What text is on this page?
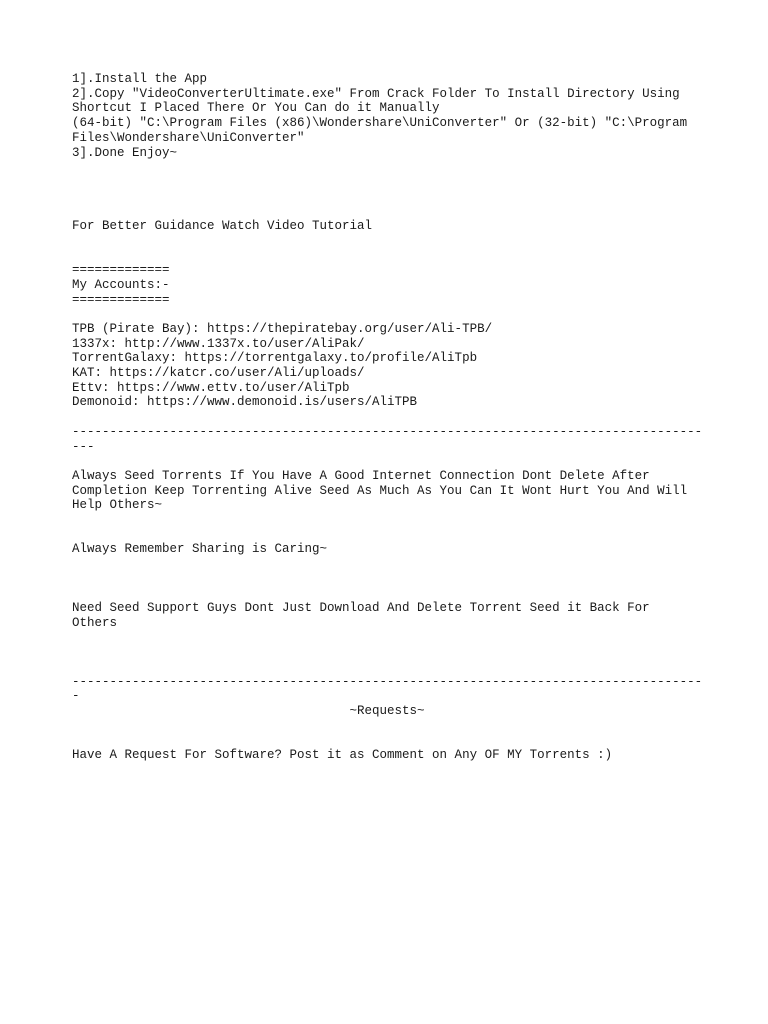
1].Install the App
2].Copy "VideoConverterUltimate.exe" From Crack Folder To Install Directory Using
Shortcut I Placed There Or You Can do it Manually
(64-bit) "C:\Program Files (x86)\Wondershare\UniConverter" Or (32-bit) "C:\Program
Files\Wondershare\UniConverter"
3].Done Enjoy~
For Better Guidance Watch Video Tutorial
=============
My Accounts:-
=============
TPB (Pirate Bay): https://thepiratebay.org/user/Ali-TPB/
1337x: http://www.1337x.to/user/AliPak/
TorrentGalaxy: https://torrentgalaxy.to/profile/AliTpb
KAT: https://katcr.co/user/Ali/uploads/
Ettv: https://www.ettv.to/user/AliTpb
Demonoid: https://www.demonoid.is/users/AliTPB
------------------------------------------------------------------------------------
---
Always Seed Torrents If You Have A Good Internet Connection Dont Delete After
Completion Keep Torrenting Alive Seed As Much As You Can It Wont Hurt You And Will
Help Others~
Always Remember Sharing is Caring~
Need Seed Support Guys Dont Just Download And Delete Torrent Seed it Back For
Others
------------------------------------------------------------------------------------
-
~Requests~
Have A Request For Software? Post it as Comment on Any OF MY Torrents :)
